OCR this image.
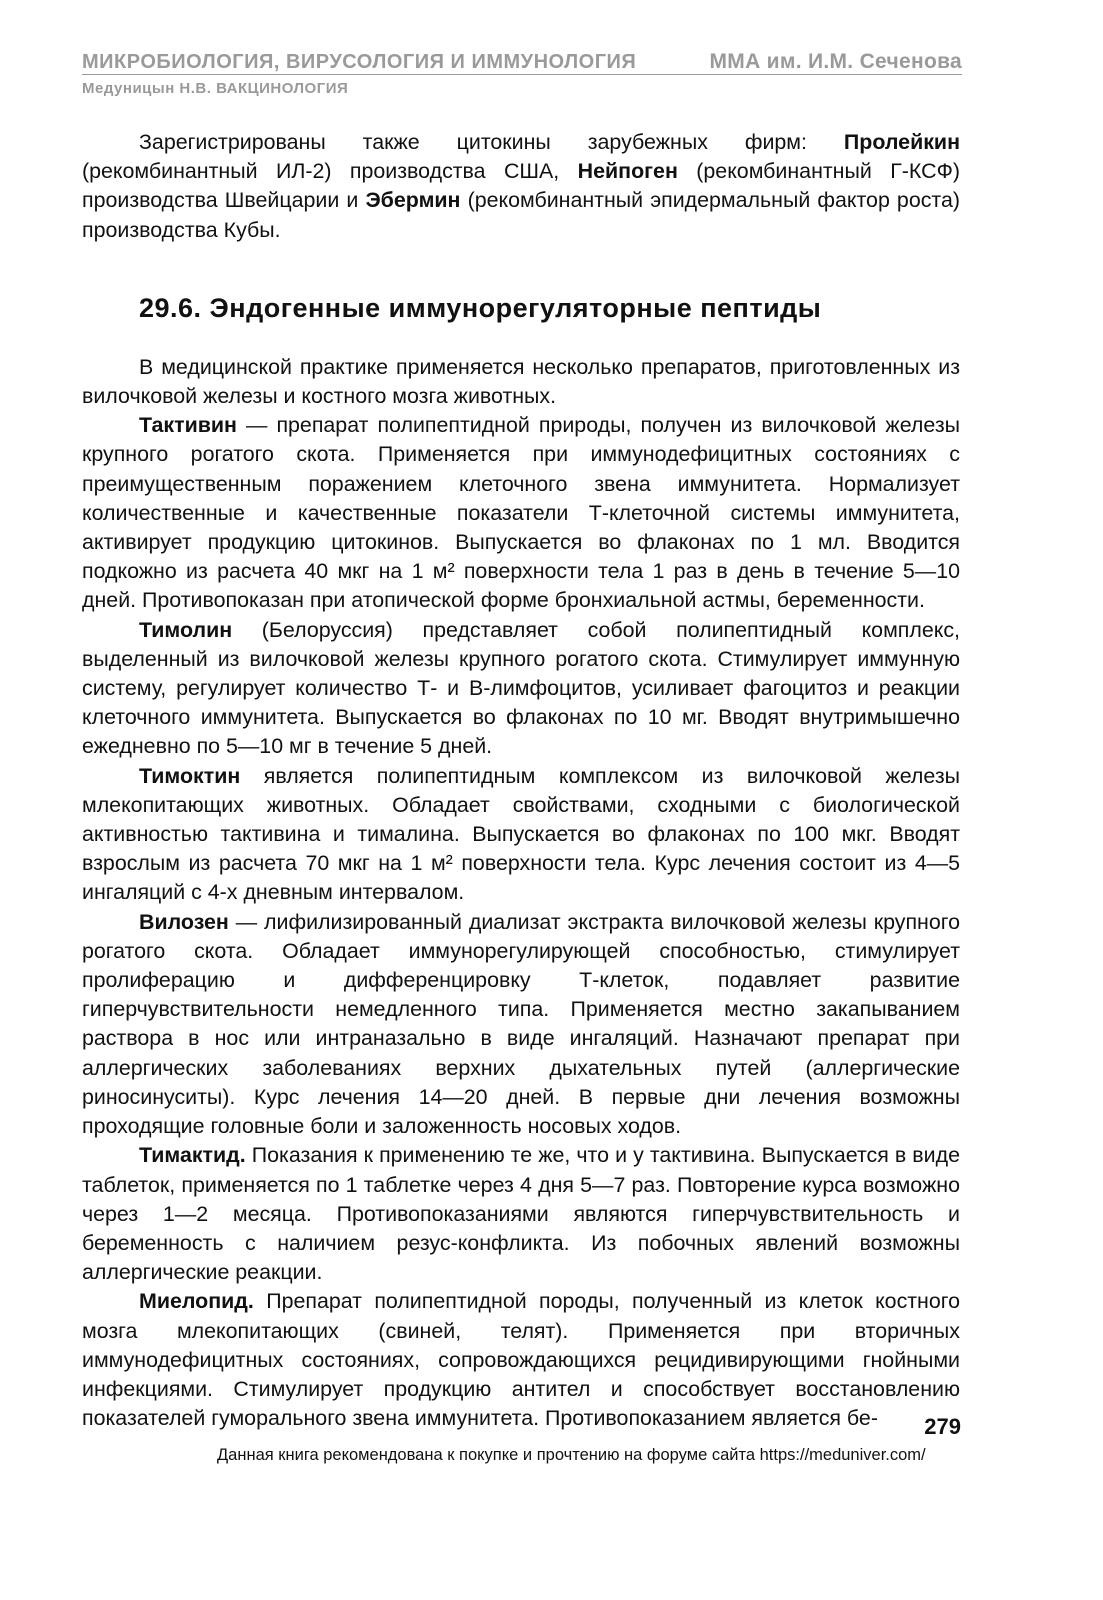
МИКРОБИОЛОГИЯ, ВИРУСОЛОГИЯ И ИММУНОЛОГИЯ	ММА им. И.М. Сеченова
Медуницын Н.В. ВАКЦИНОЛОГИЯ

Зарегистрированы также цитокины зарубежных фирм: Пролейкин (рекомбинантный ИЛ-2) производства США, Нейпоген (рекомбинантный Г-КСФ) производства Швейцарии и Эбермин (рекомбинантный эпидермальный фактор роста) производства Кубы.

29.6. Эндогенные иммунорегуляторные пептиды

В медицинской практике применяется несколько препаратов, приготовленных из вилочковой железы и костного мозга животных.

Тактивин — препарат полипептидной природы, получен из вилочковой железы крупного рогатого скота. Применяется при иммунодефицитных состояниях с преимущественным поражением клеточного звена иммунитета. Нормализует количественные и качественные показатели Т-клеточной системы иммунитета, активирует продукцию цитокинов. Выпускается во флаконах по 1 мл. Вводится подкожно из расчета 40 мкг на 1 м² поверхности тела 1 раз в день в течение 5—10 дней. Противопоказан при атопической форме бронхиальной астмы, беременности.

Тимолин (Белоруссия) представляет собой полипептидный комплекс, выделенный из вилочковой железы крупного рогатого скота. Стимулирует иммунную систему, регулирует количество Т- и В-лимфоцитов, усиливает фагоцитоз и реакции клеточного иммунитета. Выпускается во флаконах по 10 мг. Вводят внутримышечно ежедневно по 5—10 мг в течение 5 дней.

Тимоктин является полипептидным комплексом из вилочковой железы млекопитающих животных. Обладает свойствами, сходными с биологической активностью тактивина и тималина. Выпускается во флаконах по 100 мкг. Вводят взрослым из расчета 70 мкг на 1 м² поверхности тела. Курс лечения состоит из 4—5 ингаляций с 4-х дневным интервалом.

Вилозен — лифилизированный диализат экстракта вилочковой железы крупного рогатого скота. Обладает иммунорегулирующей способностью, стимулирует пролиферацию и дифференцировку Т-клеток, подавляет развитие гиперчувствительности немедленного типа. Применяется местно закапыванием раствора в нос или интраназально в виде ингаляций. Назначают препарат при аллергических заболеваниях верхних дыхательных путей (аллергические риносинуситы). Курс лечения 14—20 дней. В первые дни лечения возможны проходящие головные боли и заложенность носовых ходов.

Тимактид. Показания к применению те же, что и у тактивина. Выпускается в виде таблеток, применяется по 1 таблетке через 4 дня 5—7 раз. Повторение курса возможно через 1—2 месяца. Противопоказаниями являются гиперчувствительность и беременность с наличием резус-конфликта. Из побочных явлений возможны аллергические реакции.

Миелопид. Препарат полипептидной породы, полученный из клеток костного мозга млекопитающих (свиней, телят). Применяется при вторичных иммунодефицитных состояниях, сопровождающихся рецидивирующими гнойными инфекциями. Стимулирует продукцию антител и способствует восстановлению показателей гуморального звена иммунитета. Противопоказанием является бе-	279
Данная книга рекомендована к покупке и прочтению на форуме сайта https://meduniver.com/
